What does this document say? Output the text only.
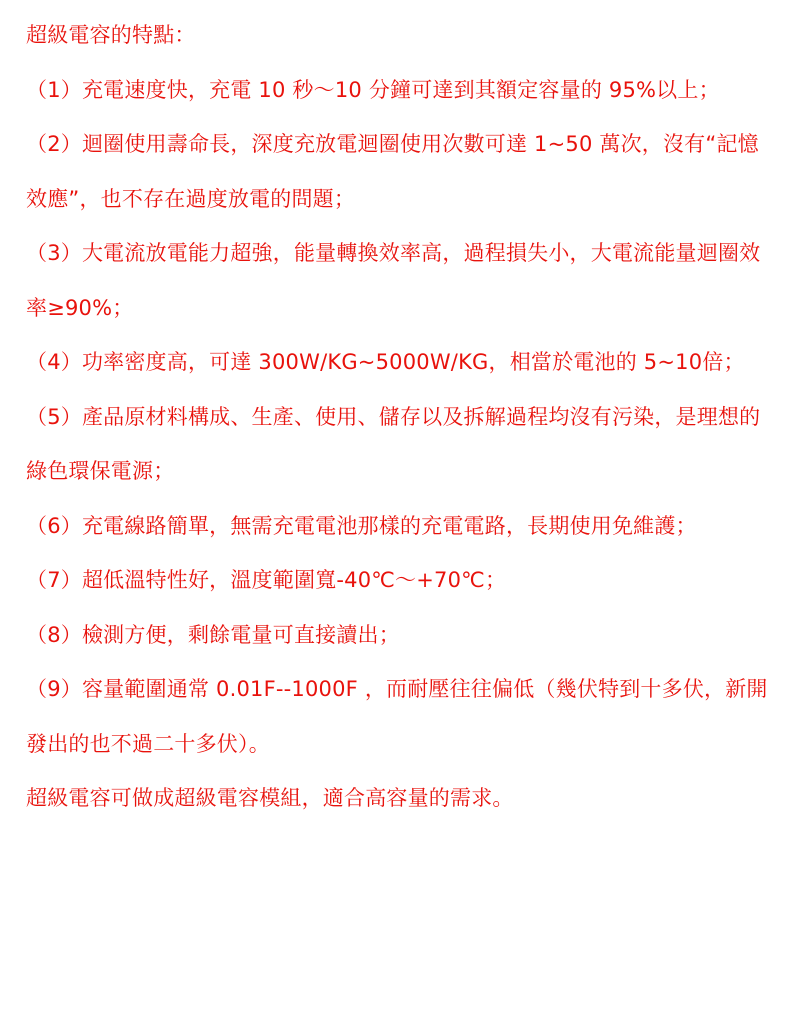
超級電容的特點：

（1）充電速度快，充電 10 秒～10 分鐘可達到其額定容量的 95%以上；

（2）迴圈使用壽命長，深度充放電迴圈使用次數可達 1~50 萬次，沒有“記憶效應”，也不存在過度放電的問題；

（3）大電流放電能力超強，能量轉換效率高，過程損失小，大電流能量迴圈效率≥90%；

（4）功率密度高，可達 300W/KG~5000W/KG，相當於電池的 5~10倍；

（5）產品原材料構成、生產、使用、儲存以及拆解過程均沒有污染，是理想的綠色環保電源；

（6）充電線路簡單，無需充電電池那樣的充電電路，長期使用免維護；

（7）超低溫特性好，溫度範圍寬-40℃～+70℃；

（8）檢測方便，剩餘電量可直接讀出；

（9）容量範圍通常 0.01F--1000F ，而耐壓往往偏低（幾伏特到十多伏，新開發出的也不過二十多伏）。

超級電容可做成超級電容模組，適合高容量的需求。
